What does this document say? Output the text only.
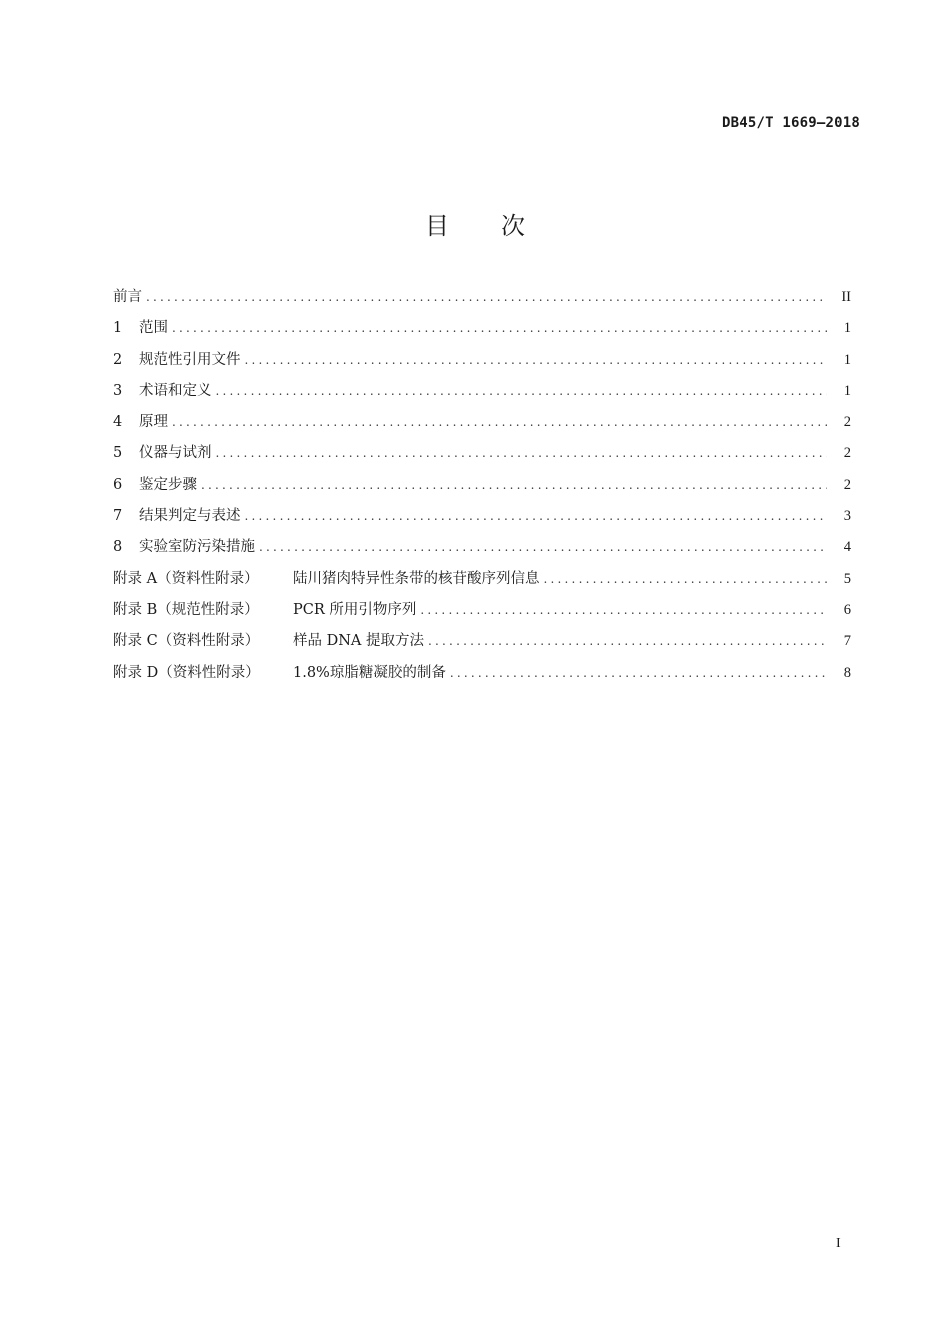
DB45/T 1669—2018
目 次
前言 .....	II
1	范围 .....	1
2	规范性引用文件 .....	1
3	术语和定义 .....	1
4	原理 .....	2
5	仪器与试剂 .....	2
6	鉴定步骤 .....	2
7	结果判定与表述 .....	3
8	实验室防污染措施 .....	4
附录 A（资料性附录）	陆川猪肉特异性条带的核苷酸序列信息 .....	5
附录 B（规范性附录）	PCR 所用引物序列 .....	6
附录 C（资料性附录）	样品 DNA 提取方法 .....	7
附录 D（资料性附录）	1.8%琼脂糖凝胶的制备 .....	8
I
